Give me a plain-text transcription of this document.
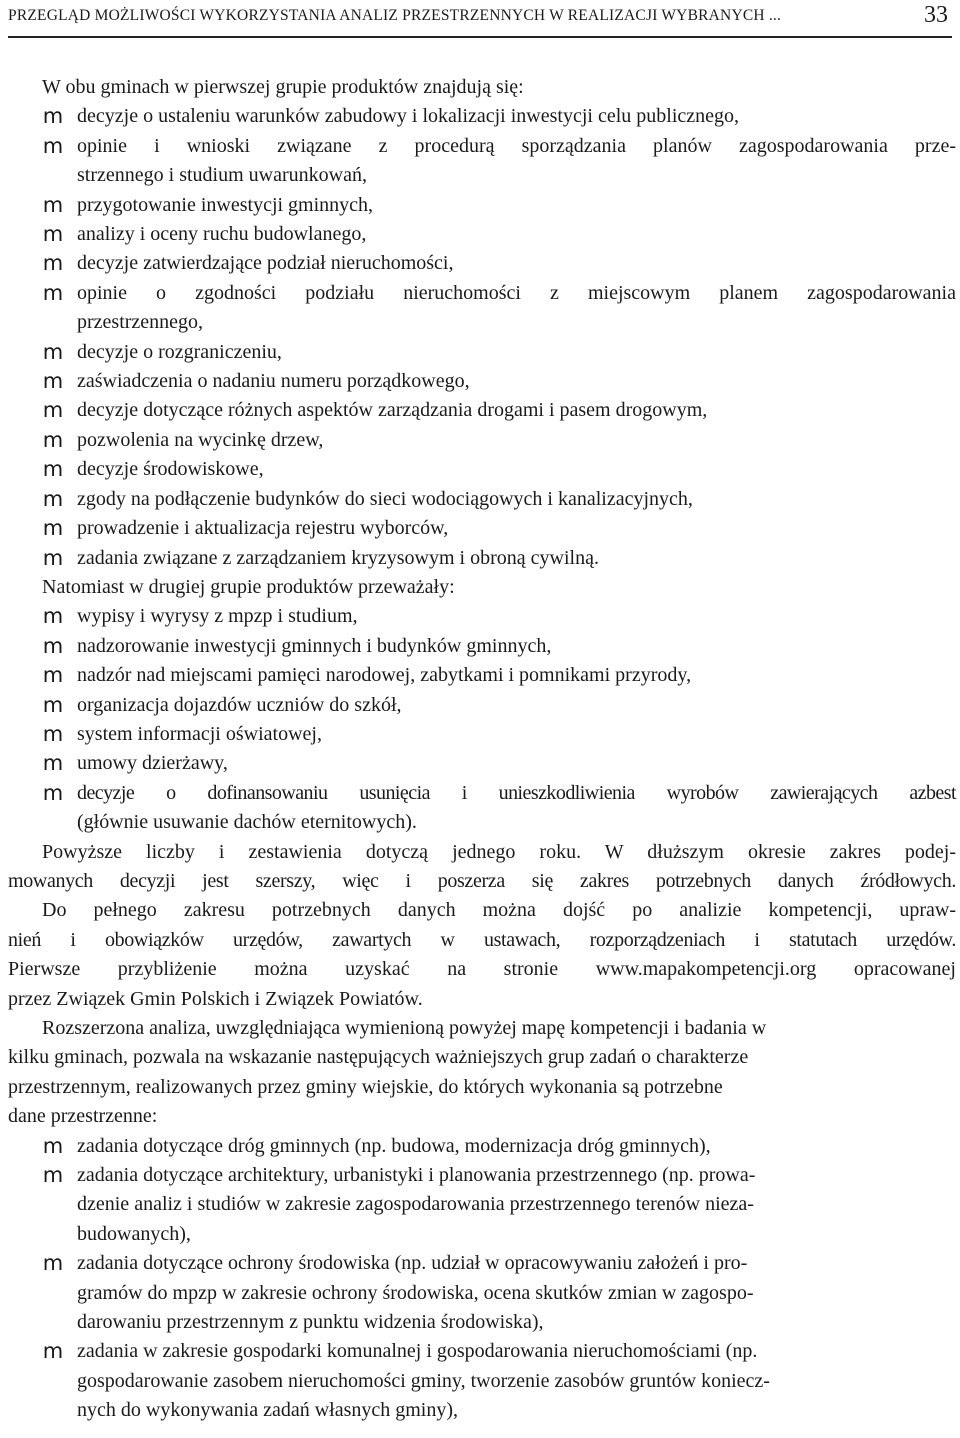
PRZEGLĄD MOŻLIWOŚCI WYKORZYSTANIA ANALIZ PRZESTRZENNYCH W REALIZACJI WYBRANYCH ...	33
W obu gminach w pierwszej grupie produktów znajdują się:
m decyzje o ustaleniu warunków zabudowy i lokalizacji inwestycji celu publicznego,
m opinie i wnioski związane z procedurą sporządzania planów zagospodarowania prze-
strzennego i studium uwarunkowań,
m przygotowanie inwestycji gminnych,
m analizy i oceny ruchu budowlanego,
m decyzje zatwierdzające podział nieruchomości,
m opinie o zgodności podziału nieruchomości z miejscowym planem zagospodarowania
przestrzennego,
m decyzje o rozgraniczeniu,
m zaświadczenia o nadaniu numeru porządkowego,
m decyzje dotyczące różnych aspektów zarządzania drogami i pasem drogowym,
m pozwolenia na wycinkę drzew,
m decyzje środowiskowe,
m zgody na podłączenie budynków do sieci wodociągowych i kanalizacyjnych,
m prowadzenie i aktualizacja rejestru wyborców,
m zadania związane z zarządzaniem kryzysowym i obroną cywilną.
Natomiast w drugiej grupie produktów przeważały:
m wypisy i wyrysy z mpzp i studium,
m nadzorowanie inwestycji gminnych i budynków gminnych,
m nadzór nad miejscami pamięci narodowej, zabytkami i pomnikami przyrody,
m organizacja dojazdów uczniów do szkół,
m system informacji oświatowej,
m umowy dzierżawy,
m decyzje o dofinansowaniu usunięcia i unieszkodliwienia wyrobów zawierających azbest
(głównie usuwanie dachów eternitowych).
Powyższe liczby i zestawienia dotyczą jednego roku. W dłuższym okresie zakres podej-
mowanych decyzji jest szerszy, więc i poszerza się zakres potrzebnych danych źródłowych.
Do pełnego zakresu potrzebnych danych można dojść po analizie kompetencji, upraw-
nień i obowiązków urzędów, zawartych w ustawach, rozporządzeniach i statutach urzędów.
Pierwsze przybliżenie można uzyskać na stronie www.mapakompetencji.org opracowanej
przez Związek Gmin Polskich i Związek Powiatów.
Rozszerzona analiza, uwzględniająca wymienioną powyżej mapę kompetencji i badania w
kilku gminach, pozwala na wskazanie następujących ważniejszych grup zadań o charakterze
przestrzennym, realizowanych przez gminy wiejskie, do których wykonania są potrzebne
dane przestrzenne:
m zadania dotyczące dróg gminnych (np. budowa, modernizacja dróg gminnych),
m zadania dotyczące architektury, urbanistyki i planowania przestrzennego (np. prowa-
dzenie analiz i studiów w zakresie zagospodarowania przestrzennego terenów nieza-
budowanych),
m zadania dotyczące ochrony środowiska (np. udział w opracowywaniu założeń i pro-
gramów do mpzp w zakresie ochrony środowiska, ocena skutków zmian w zagospo-
darowaniu przestrzennym z punktu widzenia środowiska),
m zadania w zakresie gospodarki komunalnej i gospodarowania nieruchomościami (np.
gospodarowanie zasobem nieruchomości gminy, tworzenie zasobów gruntów koniecz-
nych do wykonywania zadań własnych gminy),
